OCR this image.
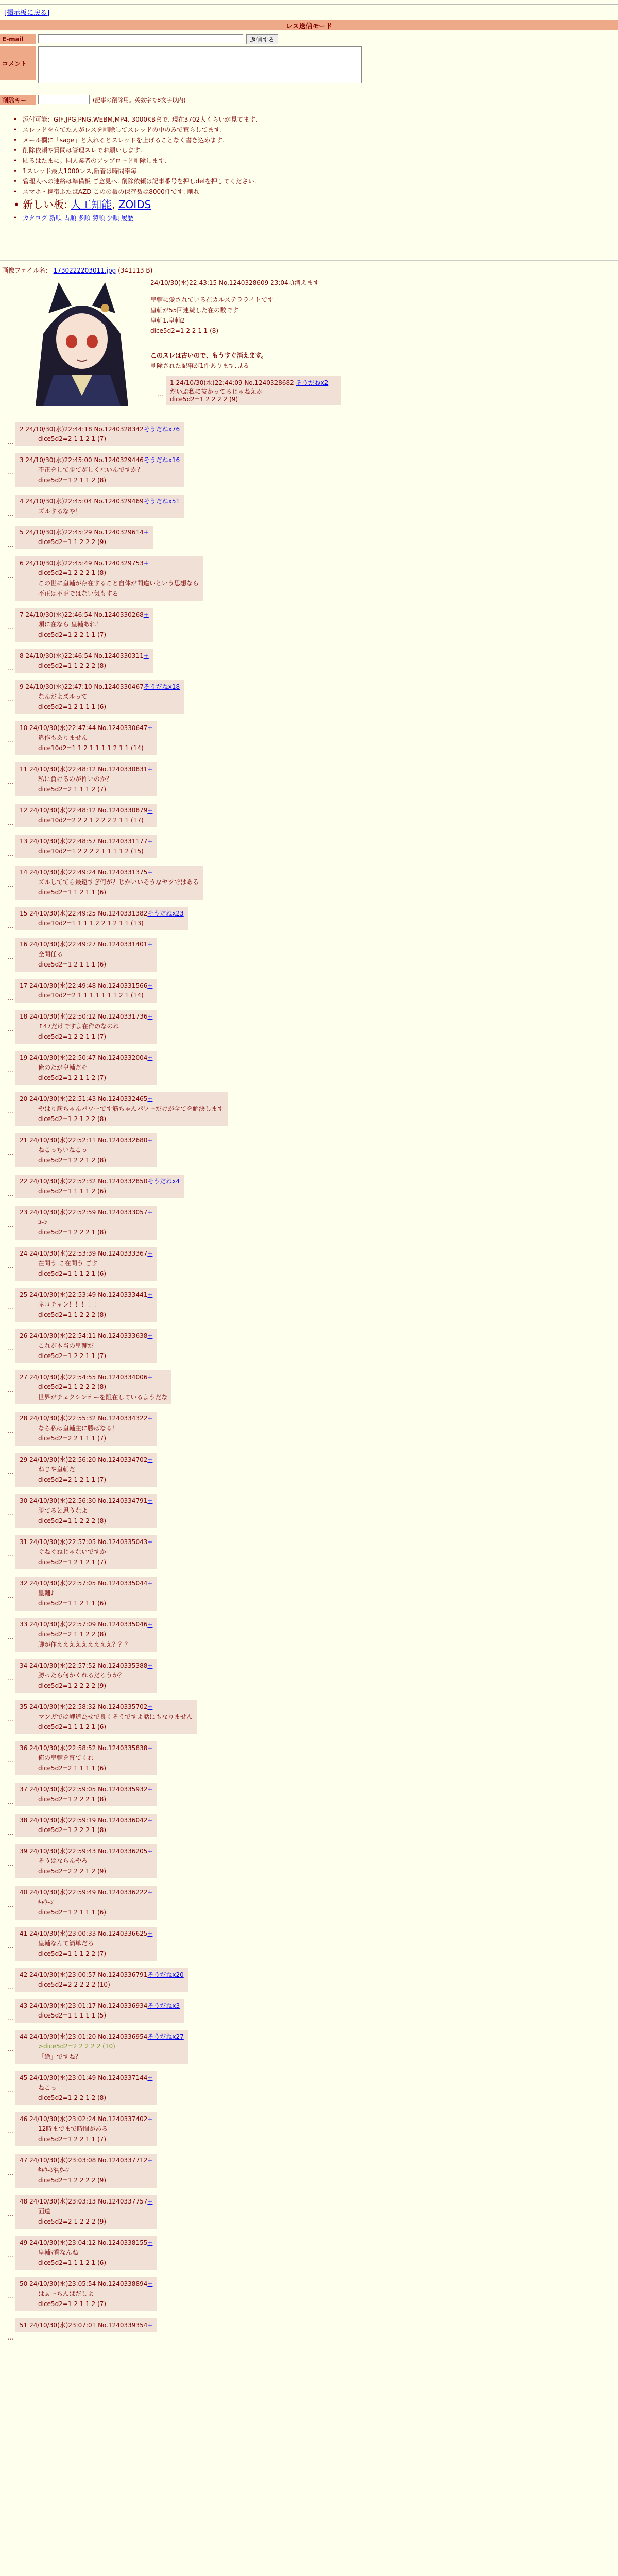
[掲示板に戻る]
レス送信モード
E-mail	返信する
コメント
削除キー	(記事の削除用。英数字で8文字以内)
• 添付可能：GIF,JPG,PNG,WEBM,MP4. 3000KBまで. 現在3702人くらいが見てます.
• スレッドを立てた人がレスを削除してスレッドの中のみで荒らしてます.
• メール欄に「sage」と入れるとスレッドを上げることなく書き込めます.
• 削除依頼や質問は管理スレでお願いします.
• 貼るはたまに。同人業者のアップロード削除します.
• 1スレッド最大1000レス,新着は時間帯毎.
• 管理人への連絡は準備板 ご意見へ. 削除依頼は記事番号を押しdelを押してください.
• スマホ・携帯ふたばAZD このの板の保存数は8000件です. 削れ
• 新しい板: 人工知能, ZOIDS
• カタログ 新順 古順 多順 勢順 少順 履歴
画像ファイル名： 1730222203011.jpg (341113 B)
24/10/30(水)22:43:15 No.1240328609 23:04頃消えます
皇輔に愛されている在カルステラライトです
皇輔が55回連続した在の数です
皇輔1.皇輔2
dice5d2=1 2 2 1 1 (8)
このスレは古いので、もうすぐ消えます。
削除された記事が1件あります.見る
…
1 24/10/30(水)22:44:09 No.1240328682 そうだねx2
だいぶ私に抜かってるじゃねえか
dice5d2=1 2 2 2 2 (9)
…
2 24/10/30(水)22:44:18 No.1240328342そうだねx76
dice5d2=2 1 1 2 1 (7)
…
3 24/10/30(水)22:45:00 No.1240329446そうだねx16
不正をして勝てがしくないんですか？
dice5d2=1 2 1 1 2 (8)
…
4 24/10/30(水)22:45:04 No.1240329469そうだねx51
ズルするなや！
…
5 24/10/30(水)22:45:29 No.1240329614+
dice5d2=1 1 2 2 2 (9)
…
6 24/10/30(水)22:45:49 No.1240329753+
dice5d2=1 2 2 2 1 (8)
この世に皇輔が存在すること自体が間違いという思想なら
不正は不正ではない気もする
…
7 24/10/30(水)22:46:54 No.1240330268+
頭に在なら 皇輔あれ！
dice5d2=1 2 2 1 1 (7)
…
8 24/10/30(水)22:46:54 No.1240330311+
dice5d2=1 1 2 2 2 (8)
…
9 24/10/30(水)22:47:10 No.1240330467そうだねx18
なんだよズルって
dice5d2=1 2 1 1 1 (6)
…
10 24/10/30(水)22:47:44 No.1240330647+
違作もありません
dice10d2=1 1 2 1 1 1 1 2 1 1 (14)
…
11 24/10/30(水)22:48:12 No.1240330831+
私に負けるのが怖いのか？
dice5d2=2 1 1 1 2 (7)
…
12 24/10/30(水)22:48:12 No.1240330879+
dice10d2=2 2 2 1 2 2 2 2 1 1 (17)
…
13 24/10/30(水)22:48:57 No.1240331177+
dice10d2=1 2 2 2 2 1 1 1 1 2 (15)
…
14 24/10/30(水)22:49:24 No.1240331375+
ズルしててら最遠すぎ何が？じかいいそうなヤツではある
dice5d2=1 1 2 1 1 (6)
…
15 24/10/30(水)22:49:25 No.1240331382そうだねx23
dice10d2=1 1 1 1 2 2 1 2 1 1 (13)
…
16 24/10/30(水)22:49:27 No.1240331401+
全問任る
dice5d2=1 2 1 1 1 (6)
…
17 24/10/30(水)22:49:48 No.1240331566+
dice10d2=2 1 1 1 1 1 1 1 2 1 (14)
…
18 24/10/30(水)22:50:12 No.1240331736+
↑47だけですよ在作のなのね
dice5d2=1 2 2 1 1 (7)
…
19 24/10/30(水)22:50:47 No.1240332004+
俺のたが皇輔だそ
dice5d2=1 2 1 1 2 (7)
…
20 24/10/30(水)22:51:43 No.1240332465+
やはり筋ちゃんパワーです筋ちゃんパワーだけが全てを解決します
dice5d2=1 2 1 2 2 (8)
…
21 24/10/30(水)22:52:11 No.1240332680+
ねこっちいねこっ
dice5d2=1 2 2 1 2 (8)
…
22 24/10/30(水)22:52:32 No.1240332850そうだねx4
dice5d2=1 1 1 1 2 (6)
…
23 24/10/30(水)22:52:59 No.1240333057+
ｺｰﾝ
dice5d2=1 2 2 2 1 (8)
…
24 24/10/30(水)22:53:39 No.1240333367+
在問う こ在問う ごす
dice5d2=1 1 1 2 1 (6)
…
25 24/10/30(水)22:53:49 No.1240333441+
ネコチャン！！！！！
dice5d2=1 1 2 2 2 (8)
…
26 24/10/30(水)22:54:11 No.1240333638+
これが本当の皇輔だ
dice5d2=1 2 2 1 1 (7)
…
27 24/10/30(水)22:54:55 No.1240334006+
dice5d2=1 1 2 2 2 (8)
世界がチェクシンオーを阻在しているようだな
…
28 24/10/30(水)22:55:32 No.1240334322+
なら私は皇輔主に勝ばなる！
dice5d2=2 2 1 1 1 (7)
…
29 24/10/30(水)22:56:20 No.1240334702+
ねじや皇輔だ
dice5d2=2 1 2 1 1 (7)
…
30 24/10/30(水)22:56:30 No.1240334791+
勝てると思うなよ
dice5d2=1 1 2 2 2 (8)
…
31 24/10/30(水)22:57:05 No.1240335043+
ぐねぐねじゃないですか
dice5d2=1 2 1 2 1 (7)
…
32 24/10/30(水)22:57:05 No.1240335044+
皇輔♪
dice5d2=1 1 2 1 1 (6)
…
33 24/10/30(水)22:57:09 No.1240335046+
dice5d2=2 1 1 2 2 (8)
脚が作えええええええええ？？？
…
34 24/10/30(水)22:57:52 No.1240335388+
勝ったら何かくれるだろうか？
dice5d2=1 2 2 2 2 (9)
…
35 24/10/30(水)22:58:32 No.1240335702+
マンガでは岬道為せで良くそうですよ話にもなりません
dice5d2=1 1 1 2 1 (6)
…
36 24/10/30(水)22:58:52 No.1240335838+
俺の皇輔を育てくれ
dice5d2=2 1 1 1 1 (6)
…
37 24/10/30(水)22:59:05 No.1240335932+
dice5d2=1 2 2 2 1 (8)
…
38 24/10/30(水)22:59:19 No.1240336042+
dice5d2=1 2 2 2 1 (8)
…
39 24/10/30(水)22:59:43 No.1240336205+
そうはならんやろ
dice5d2=2 2 2 1 2 (9)
…
40 24/10/30(水)22:59:49 No.1240336222+
ｷｬｳｰﾝ
dice5d2=1 2 1 1 1 (6)
…
41 24/10/30(水)23:00:33 No.1240336625+
皇輔なんて簡単だろ
dice5d2=1 1 1 2 2 (7)
…
42 24/10/30(水)23:00:57 No.1240336791そうだねx20
dice5d2=2 2 2 2 2 (10)
…
43 24/10/30(水)23:01:17 No.1240336934そうだねx3
dice5d2=1 1 1 1 1 (5)
…
44 24/10/30(水)23:01:20 No.1240336954そうだねx27
>dice5d2=2 2 2 2 2 (10)
「絶」ですね？
…
45 24/10/30(水)23:01:49 No.1240337144+
ねこっ
dice5d2=1 2 2 1 2 (8)
…
46 24/10/30(水)23:02:24 No.1240337402+
12時までまで時間がある
dice5d2=1 2 2 1 1 (7)
…
47 24/10/30(水)23:03:08 No.1240337712+
ｷｬｳｰﾝｷｬｳｰﾝ
dice5d2=1 2 2 2 2 (9)
…
48 24/10/30(水)23:03:13 No.1240337757+
面道
dice5d2=2 1 2 2 2 (9)
…
49 24/10/30(水)23:04:12 No.1240338155+
皇輔ﾏ香なんね
dice5d2=1 1 1 2 1 (6)
…
50 24/10/30(水)23:05:54 No.1240338894+
はぁーちんばだしよ
dice5d2=1 2 1 1 2 (7)
…
51 24/10/30(水)23:07:01 No.1240339354+
